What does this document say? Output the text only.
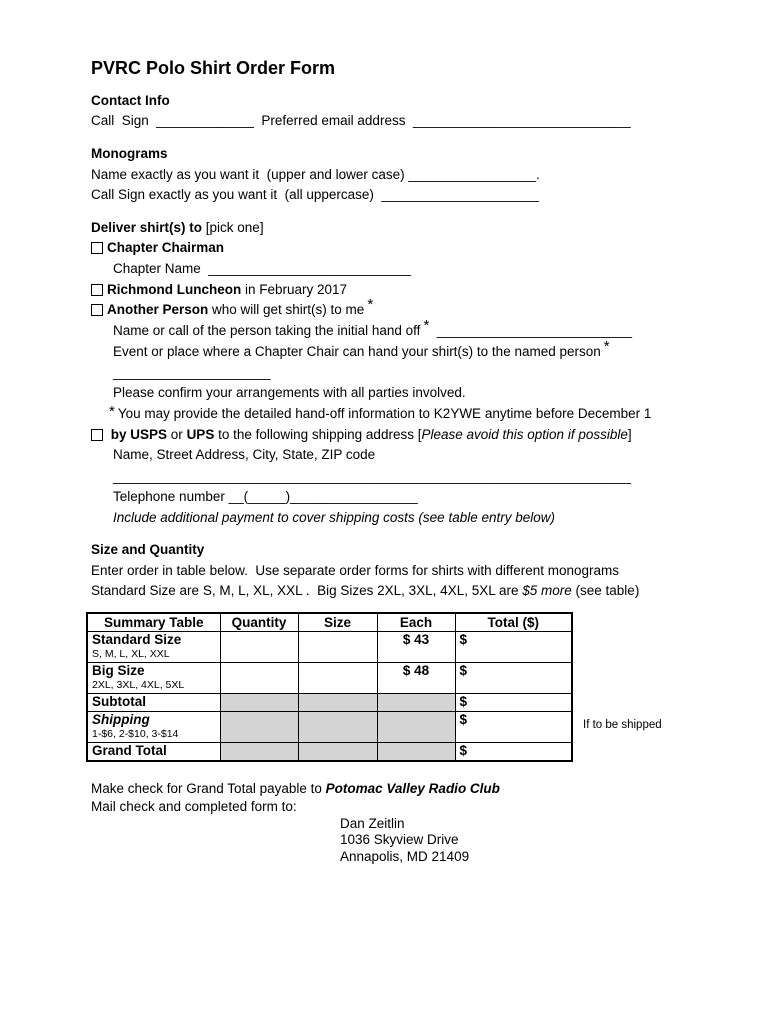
PVRC Polo Shirt Order Form
Contact Info
Call  Sign  _____________  Preferred email address  _____________________________
Monograms
Name exactly as you want it  (upper and lower case) _________________.
Call Sign exactly as you want it  (all uppercase)  _____________________
Deliver shirt(s) to [pick one]
Chapter Chairman
Chapter Name  ___________________________
Richmond Luncheon in February 2017
Another Person who will get shirt(s) to me *
Name or call of the person taking the initial hand off *  __________________________
Event or place where a Chapter Chair can hand your shirt(s) to the named person *
_____________________
Please confirm your arrangements with all parties involved.
* You may provide the detailed hand-off information to K2YWE anytime before December 1
by USPS or UPS to the following shipping address [Please avoid this option if possible]
Name, Street Address, City, State, ZIP code
_____________________________________________________________________
Telephone number __(_____)_________________
Include additional payment to cover shipping costs (see table entry below)
Size and Quantity
Enter order in table below.  Use separate order forms for shirts with different monograms
Standard Size are S, M, L, XL, XXL .  Big Sizes 2XL, 3XL, 4XL, 5XL are $5 more (see table)
Summary Table	Quantity	Size	Each	Total ($)

Standard Size
S, M, L, XL, XXL			$ 43	$

Big Size
2XL, 3XL, 4XL, 5XL			$ 48	$

Subtotal				$

Shipping
1-$6, 2-$10, 3-$14				$

Grand Total				$
If to be shipped
Make check for Grand Total payable to Potomac Valley Radio Club
Mail check and completed form to:
Dan Zeitlin
1036 Skyview Drive
Annapolis, MD 21409
